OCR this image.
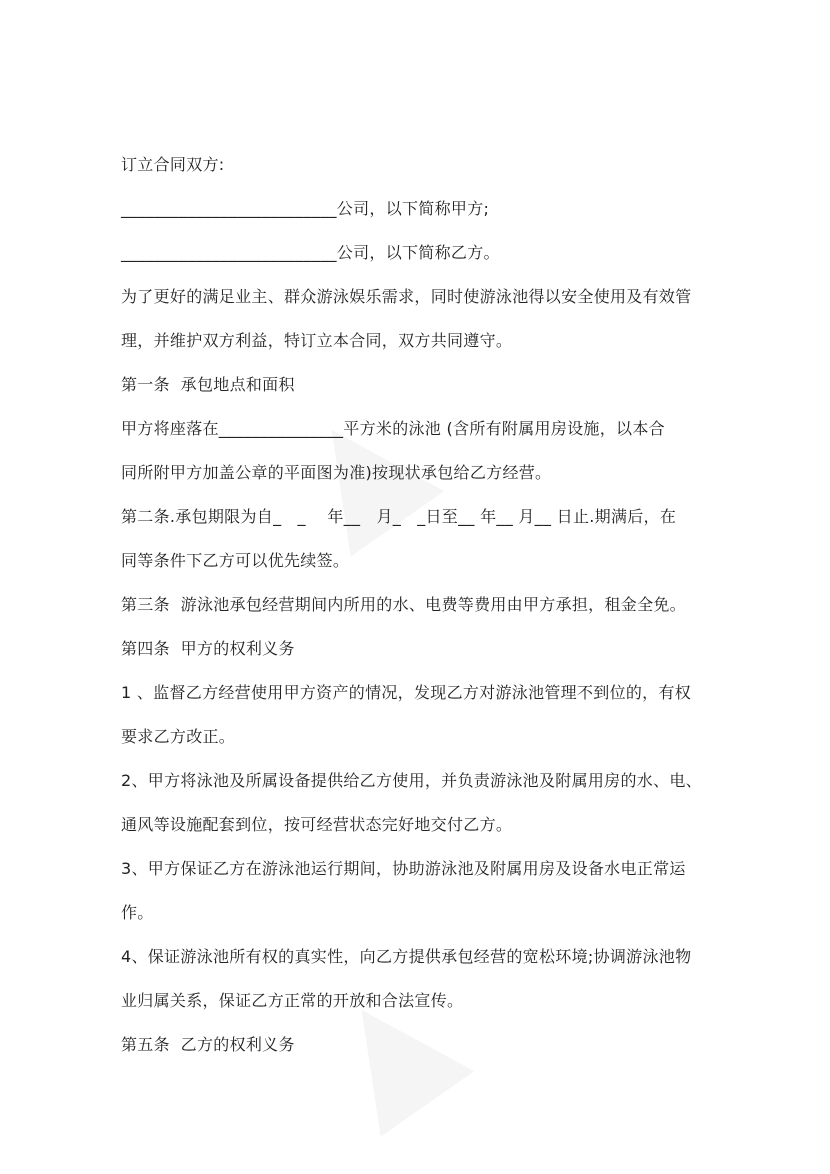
订立合同双方:
__________________________公司，以下简称甲方;
__________________________公司，以下简称乙方。
为了更好的满足业主、群众游泳娱乐需求，同时使游泳池得以安全使用及有效管
理，并维护双方利益，特订立本合同，双方共同遵守。
第一条  承包地点和面积
甲方将座落在_______________平方米的泳池 (含所有附属用房设施，以本合
同所附甲方加盖公章的平面图为准)按现状承包给乙方经营。
第二条.承包期限为自_   _    年__   月_   _日至__ 年__ 月__ 日止.期满后，在
同等条件下乙方可以优先续签。
第三条  游泳池承包经营期间内所用的水、电费等费用由甲方承担，租金全免。
第四条  甲方的权利义务
1 、监督乙方经营使用甲方资产的情况，发现乙方对游泳池管理不到位的，有权
要求乙方改正。
2、甲方将泳池及所属设备提供给乙方使用，并负责游泳池及附属用房的水、电、
通风等设施配套到位，按可经营状态完好地交付乙方。
3、甲方保证乙方在游泳池运行期间，协助游泳池及附属用房及设备水电正常运
作。
4、保证游泳池所有权的真实性，向乙方提供承包经营的宽松环境;协调游泳池物
业归属关系，保证乙方正常的开放和合法宣传。
第五条  乙方的权利义务
